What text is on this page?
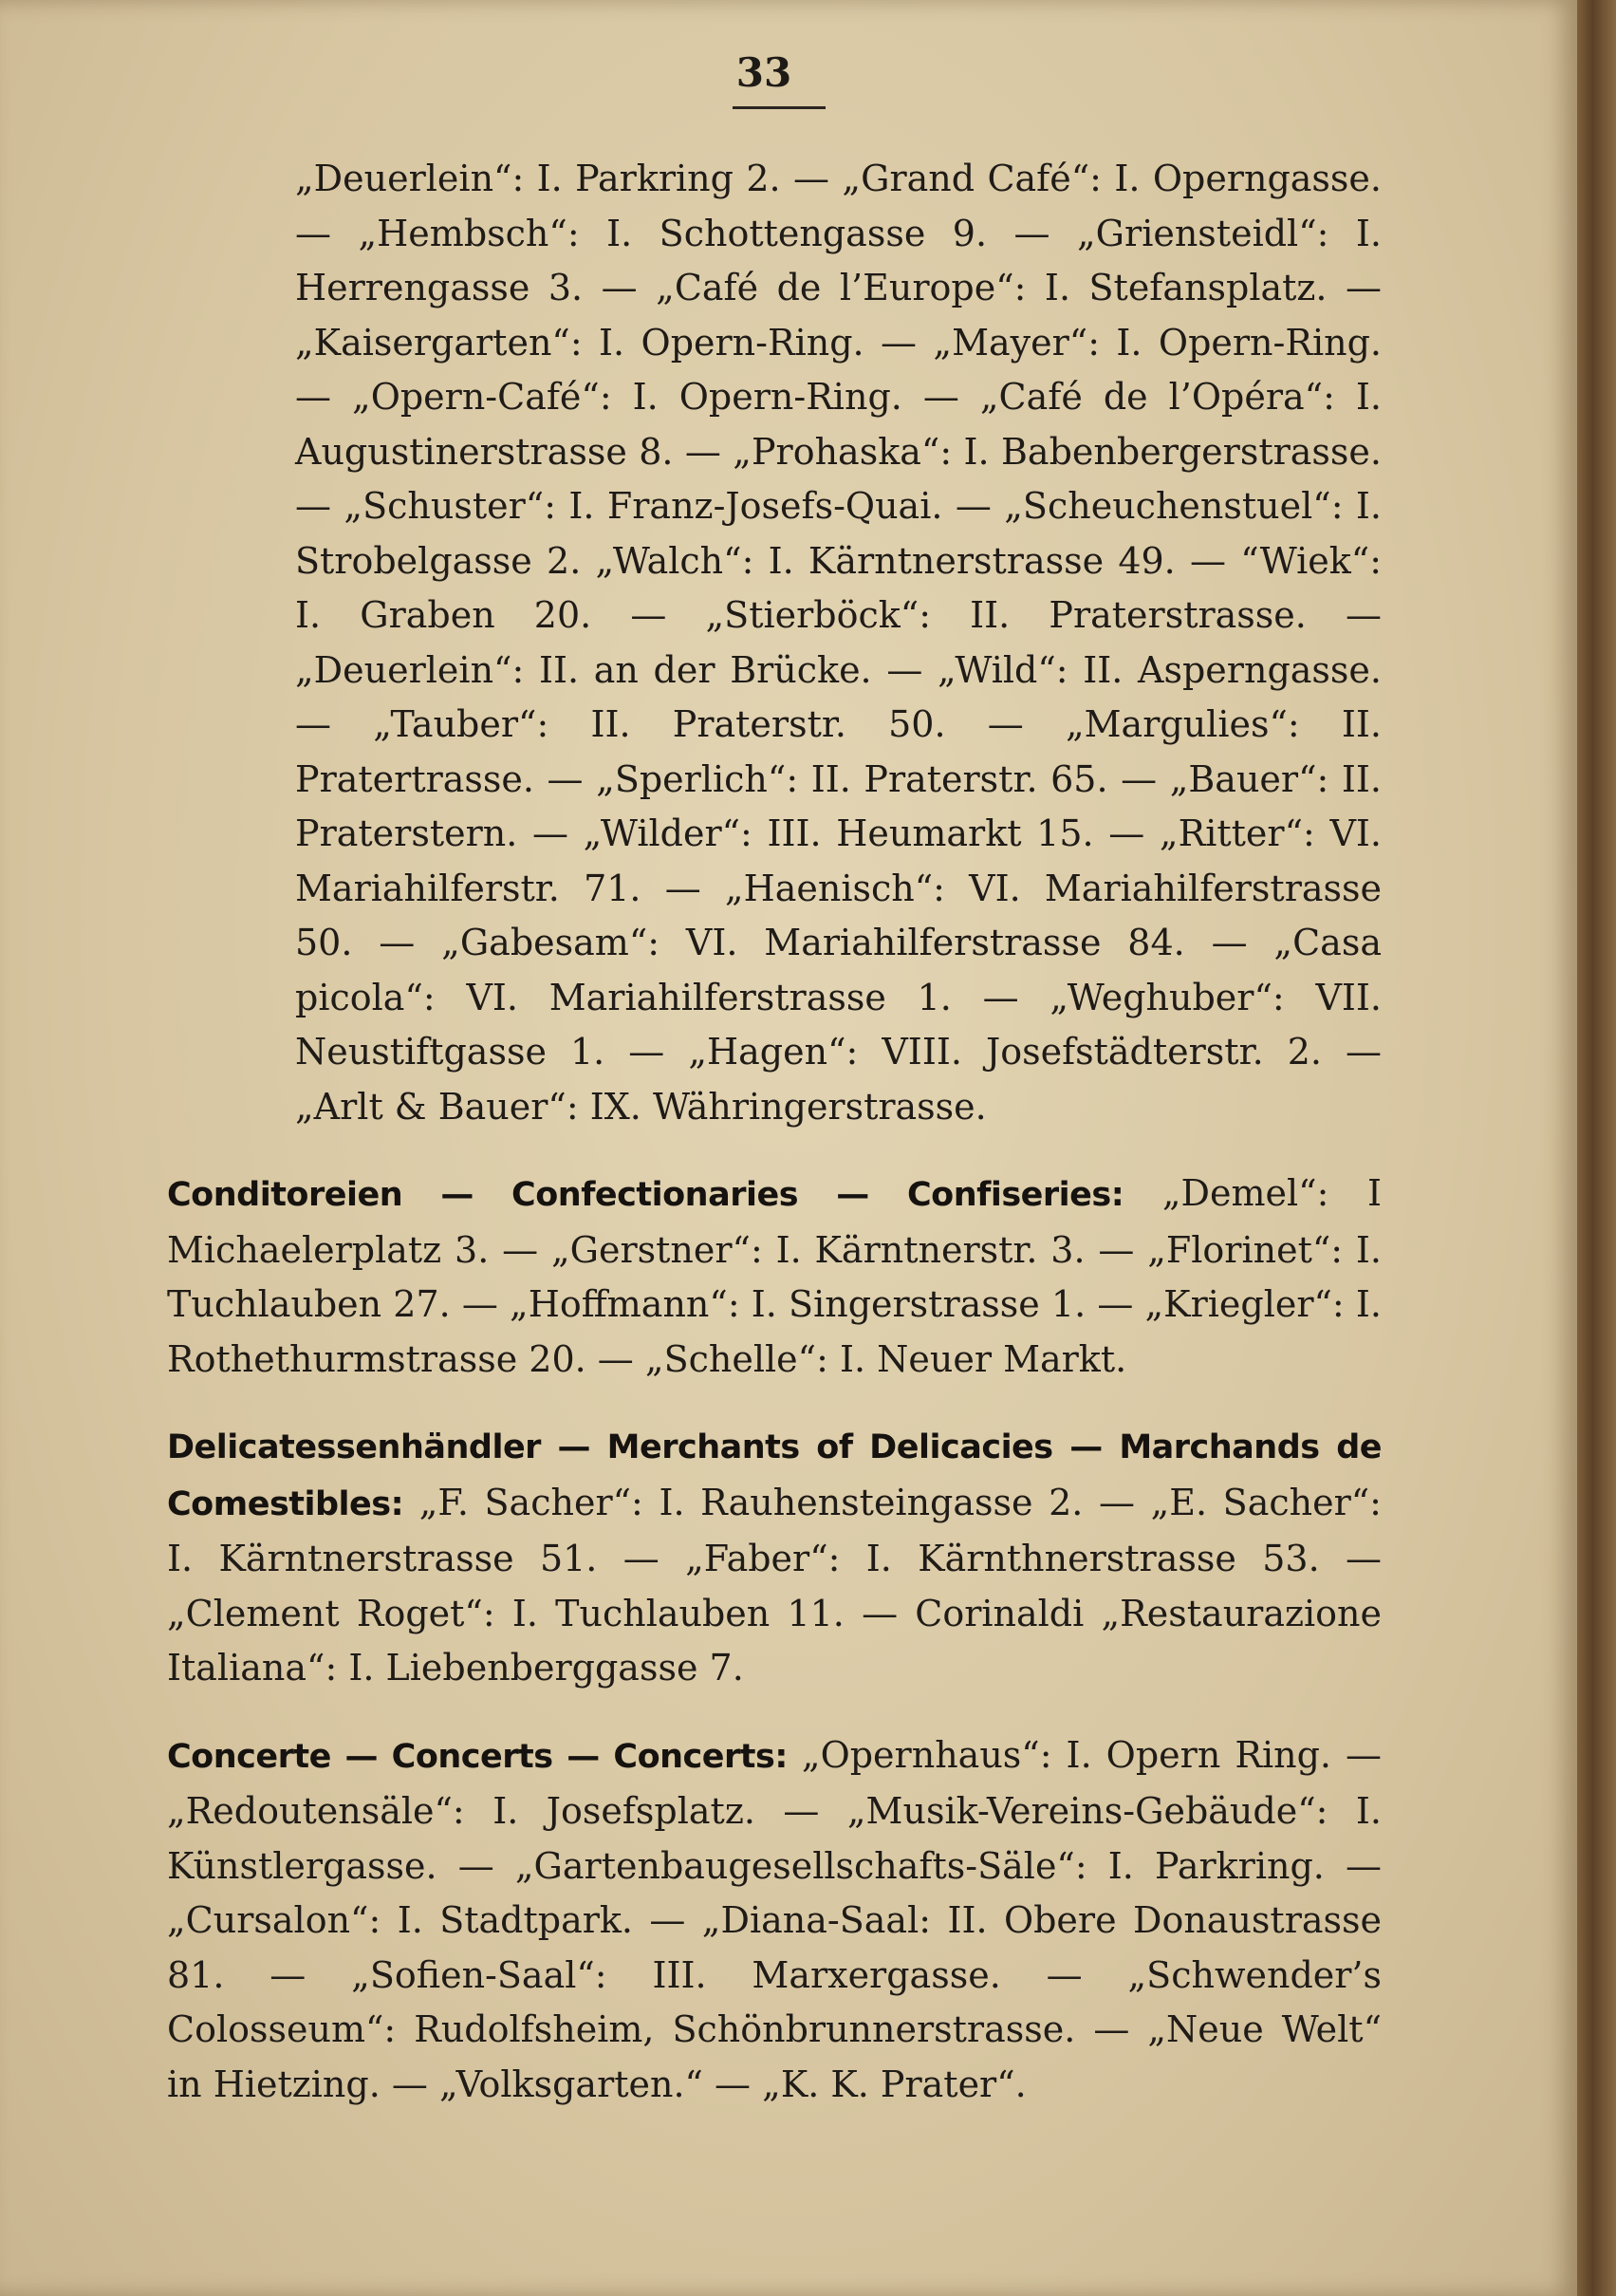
33

„Deuerlein“: I. Parkring 2. — „Grand Café“: I. Operngasse. — „Hembsch“: I. Schottengasse 9. — „Griensteidl“: I. Herrengasse 3. — „Café de l’Europe“: I. Stefansplatz. — „Kaisergarten“: I. Opern-Ring. — „Mayer“: I. Opern-Ring. — „Opern-Café“: I. Opern-Ring. — „Café de l’Opéra“: I. Augustinerstrasse 8. — „Prohaska“: I. Babenbergerstrasse. — „Schuster“: I. Franz-Josefs-Quai. — „Scheuchenstuel“: I. Strobelgasse 2. „Walch“: I. Kärntnerstrasse 49. — “Wiek“: I. Graben 20. — „Stierböck“: II. Praterstrasse. — „Deuerlein“: II. an der Brücke. — „Wild“: II. Asperngasse. — „Tauber“: II. Praterstr. 50. — „Margulies“: II. Pratertrasse. — „Sperlich“: II. Praterstr. 65. — „Bauer“: II. Praterstern. — „Wilder“: III. Heumarkt 15. — „Ritter“: VI. Mariahilferstr. 71. — „Haenisch“: VI. Mariahilferstrasse 50. — „Gabesam“: VI. Mariahilferstrasse 84. — „Casa picola“: VI. Mariahilferstrasse 1. — „Weghuber“: VII. Neustiftgasse 1. — „Hagen“: VIII. Josefstädterstr. 2. — „Arlt & Bauer“: IX. Währingerstrasse.

Conditoreien — Confectionaries — Confiseries: „Demel“: I Michaelerplatz 3. — „Gerstner“: I. Kärntnerstr. 3. — „Florinet“: I. Tuchlauben 27. — „Hoffmann“: I. Singerstrasse 1. — „Kriegler“: I. Rothethurmstrasse 20. — „Schelle“: I. Neuer Markt.

Delicatessenhändler — Merchants of Delicacies — Marchands de Comestibles: „F. Sacher“: I. Rauhensteingasse 2. — „E. Sacher“: I. Kärntnerstrasse 51. — „Faber“: I. Kärnthnerstrasse 53. — „Clement Roget“: I. Tuchlauben 11. — Corinaldi „Restaurazione Italiana“: I. Liebenberggasse 7.

Concerte — Concerts — Concerts: „Opernhaus“: I. Opern Ring. — „Redoutensäle“: I. Josefsplatz. — „Musik-Vereins-Gebäude“: I. Künstlergasse. — „Gartenbaugesellschafts-Säle“: I. Parkring. — „Cursalon“: I. Stadtpark. — „Diana-Saal: II. Obere Donaustrasse 81. — „Sofien-Saal“: III. Marxergasse. — „Schwender’s Colosseum“: Rudolfsheim, Schönbrunnerstrasse. — „Neue Welt“ in Hietzing. — „Volksgarten.“ — „K. K. Prater“.
